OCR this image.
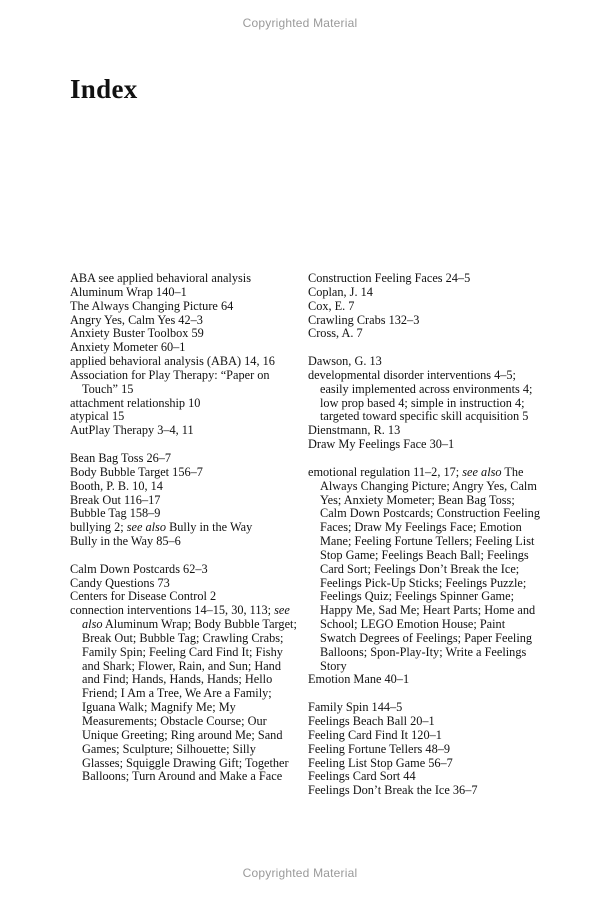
Copyrighted Material
Index
ABA see applied behavioral analysis
Aluminum Wrap 140–1
The Always Changing Picture 64
Angry Yes, Calm Yes 42–3
Anxiety Buster Toolbox 59
Anxiety Mometer 60–1
applied behavioral analysis (ABA) 14, 16
Association for Play Therapy: “Paper on Touch” 15
attachment relationship 10
atypical 15
AutPlay Therapy 3–4, 11
Bean Bag Toss 26–7
Body Bubble Target 156–7
Booth, P. B. 10, 14
Break Out 116–17
Bubble Tag 158–9
bullying 2; see also Bully in the Way
Bully in the Way 85–6
Calm Down Postcards 62–3
Candy Questions 73
Centers for Disease Control 2
connection interventions 14–15, 30, 113; see also Aluminum Wrap; Body Bubble Target; Break Out; Bubble Tag; Crawling Crabs; Family Spin; Feeling Card Find It; Fishy and Shark; Flower, Rain, and Sun; Hand and Find; Hands, Hands, Hands; Hello Friend; I Am a Tree, We Are a Family; Iguana Walk; Magnify Me; My Measurements; Obstacle Course; Our Unique Greeting; Ring around Me; Sand Games; Sculpture; Silhouette; Silly Glasses; Squiggle Drawing Gift; Together Balloons; Turn Around and Make a Face
Construction Feeling Faces 24–5
Coplan, J. 14
Cox, E. 7
Crawling Crabs 132–3
Cross, A. 7
Dawson, G. 13
developmental disorder interventions 4–5; easily implemented across environments 4; low prop based 4; simple in instruction 4; targeted toward specific skill acquisition 5
Dienstmann, R. 13
Draw My Feelings Face 30–1
emotional regulation 11–2, 17; see also The Always Changing Picture; Angry Yes, Calm Yes; Anxiety Mometer; Bean Bag Toss; Calm Down Postcards; Construction Feeling Faces; Draw My Feelings Face; Emotion Mane; Feeling Fortune Tellers; Feeling List Stop Game; Feelings Beach Ball; Feelings Card Sort; Feelings Don’t Break the Ice; Feelings Pick-Up Sticks; Feelings Puzzle; Feelings Quiz; Feelings Spinner Game; Happy Me, Sad Me; Heart Parts; Home and School; LEGO Emotion House; Paint Swatch Degrees of Feelings; Paper Feeling Balloons; Spon-Play-Ity; Write a Feelings Story
Emotion Mane 40–1
Family Spin 144–5
Feelings Beach Ball 20–1
Feeling Card Find It 120–1
Feeling Fortune Tellers 48–9
Feeling List Stop Game 56–7
Feelings Card Sort 44
Feelings Don’t Break the Ice 36–7
Copyrighted Material
